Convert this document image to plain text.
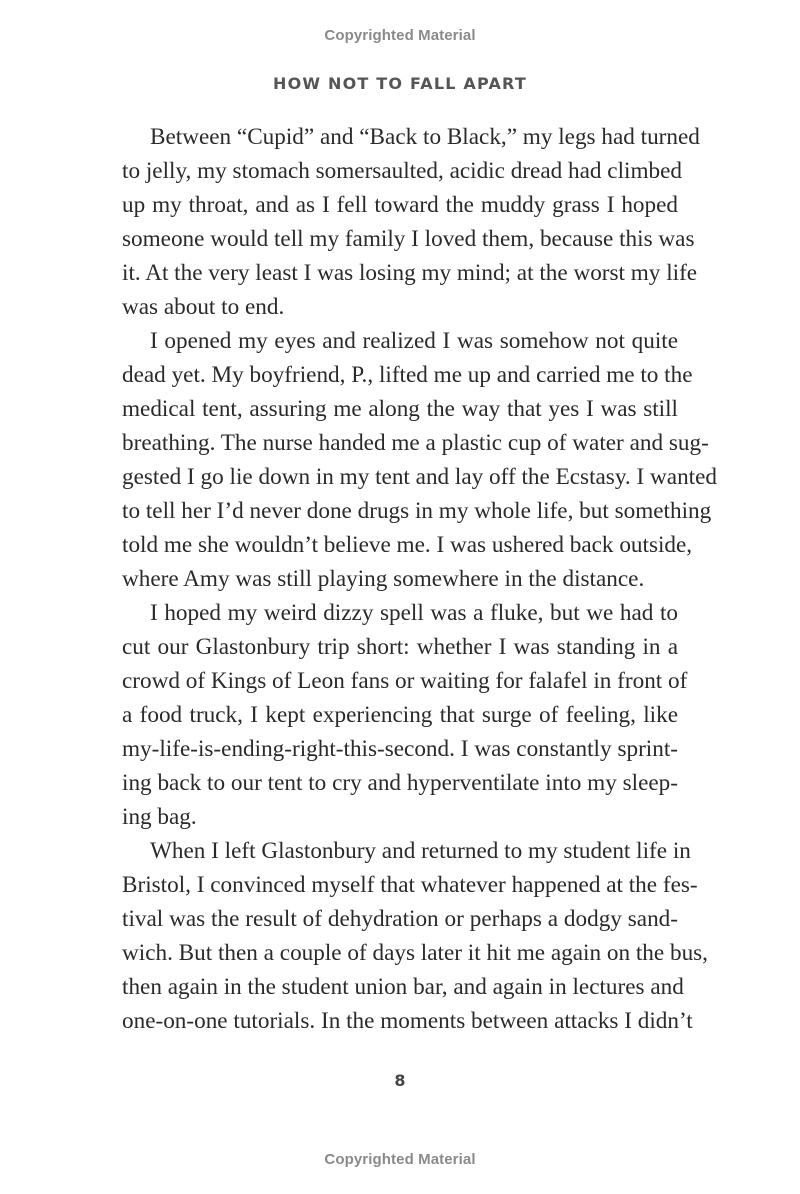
Copyrighted Material
HOW NOT TO FALL APART
Between “Cupid” and “Back to Black,” my legs had turned
to jelly, my stomach somersaulted, acidic dread had climbed
up my throat, and as I fell toward the muddy grass I hoped
someone would tell my family I loved them, because this was
it. At the very least I was losing my mind; at the worst my life
was about to end.
I opened my eyes and realized I was somehow not quite
dead yet. My boyfriend, P., lifted me up and carried me to the
medical tent, assuring me along the way that yes I was still
breathing. The nurse handed me a plastic cup of water and sug-
gested I go lie down in my tent and lay off the Ecstasy. I wanted
to tell her I’d never done drugs in my whole life, but something
told me she wouldn’t believe me. I was ushered back outside,
where Amy was still playing somewhere in the distance.
I hoped my weird dizzy spell was a fluke, but we had to
cut our Glastonbury trip short: whether I was standing in a
crowd of Kings of Leon fans or waiting for falafel in front of
a food truck, I kept experiencing that surge of feeling, like
my-life-is-ending-right-this-second. I was constantly sprint-
ing back to our tent to cry and hyperventilate into my sleep-
ing bag.
When I left Glastonbury and returned to my student life in
Bristol, I convinced myself that whatever happened at the fes-
tival was the result of dehydration or perhaps a dodgy sand-
wich. But then a couple of days later it hit me again on the bus,
then again in the student union bar, and again in lectures and
one-on-one tutorials. In the moments between attacks I didn’t
8
Copyrighted Material
